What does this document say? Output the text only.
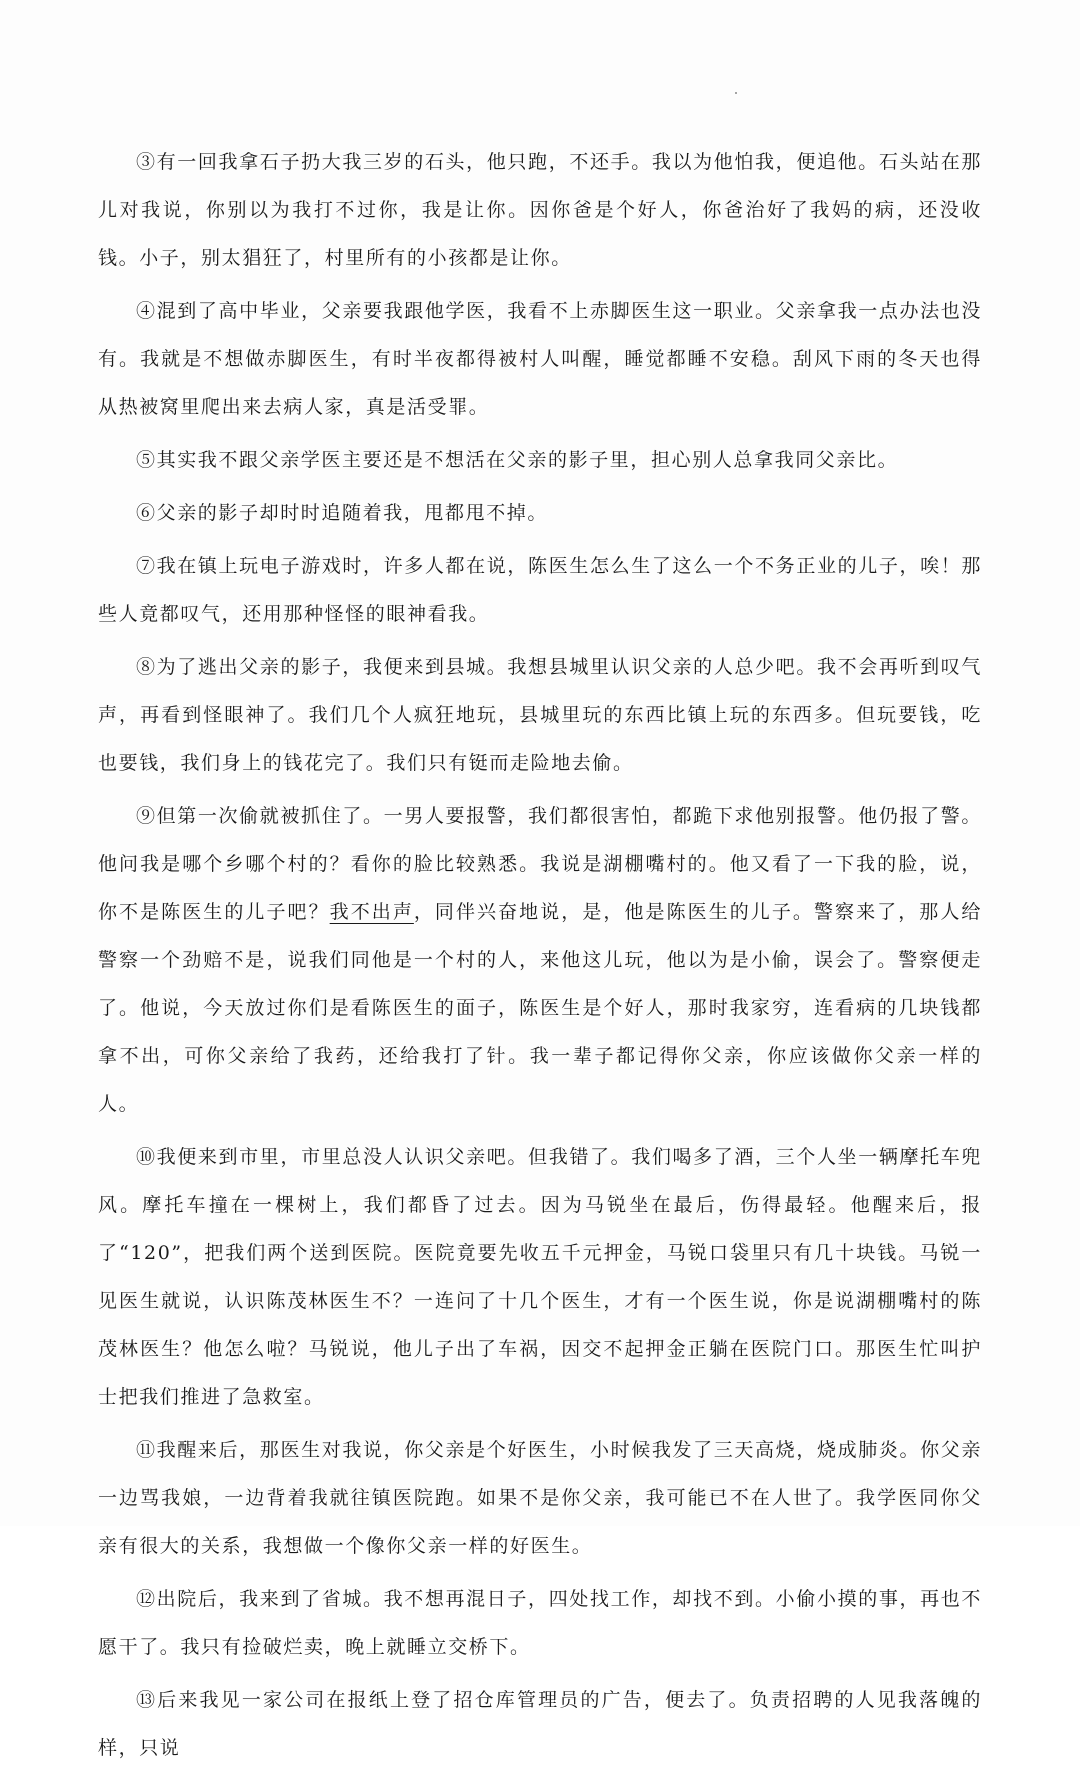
③有一回我拿石子扔大我三岁的石头，他只跑，不还手。我以为他怕我，便追他。石头站在那儿对我说，你别以为我打不过你，我是让你。因你爸是个好人，你爸治好了我妈的病，还没收钱。小子，别太猖狂了，村里所有的小孩都是让你。

④混到了高中毕业，父亲要我跟他学医，我看不上赤脚医生这一职业。父亲拿我一点办法也没有。我就是不想做赤脚医生，有时半夜都得被村人叫醒，睡觉都睡不安稳。刮风下雨的冬天也得从热被窝里爬出来去病人家，真是活受罪。

⑤其实我不跟父亲学医主要还是不想活在父亲的影子里，担心别人总拿我同父亲比。

⑥父亲的影子却时时追随着我，甩都甩不掉。

⑦我在镇上玩电子游戏时，许多人都在说，陈医生怎么生了这么一个不务正业的儿子，唉！那些人竟都叹气，还用那种怪怪的眼神看我。

⑧为了逃出父亲的影子，我便来到县城。我想县城里认识父亲的人总少吧。我不会再听到叹气声，再看到怪眼神了。我们几个人疯狂地玩，县城里玩的东西比镇上玩的东西多。但玩要钱，吃也要钱，我们身上的钱花完了。我们只有铤而走险地去偷。

⑨但第一次偷就被抓住了。一男人要报警，我们都很害怕，都跪下求他别报警。他仍报了警。他问我是哪个乡哪个村的？看你的脸比较熟悉。我说是湖棚嘴村的。他又看了一下我的脸，说，你不是陈医生的儿子吧？我不出声，同伴兴奋地说，是，他是陈医生的儿子。警察来了，那人给警察一个劲赔不是，说我们同他是一个村的人，来他这儿玩，他以为是小偷，误会了。警察便走了。他说，今天放过你们是看陈医生的面子，陈医生是个好人，那时我家穷，连看病的几块钱都拿不出，可你父亲给了我药，还给我打了针。我一辈子都记得你父亲，你应该做你父亲一样的人。

⑩我便来到市里，市里总没人认识父亲吧。但我错了。我们喝多了酒，三个人坐一辆摩托车兜风。摩托车撞在一棵树上，我们都昏了过去。因为马锐坐在最后，伤得最轻。他醒来后，报了“120”，把我们两个送到医院。医院竟要先收五千元押金，马锐口袋里只有几十块钱。马锐一见医生就说，认识陈茂林医生不？一连问了十几个医生，才有一个医生说，你是说湖棚嘴村的陈茂林医生？他怎么啦？马锐说，他儿子出了车祸，因交不起押金正躺在医院门口。那医生忙叫护士把我们推进了急救室。

⑪我醒来后，那医生对我说，你父亲是个好医生，小时候我发了三天高烧，烧成肺炎。你父亲一边骂我娘，一边背着我就往镇医院跑。如果不是你父亲，我可能已不在人世了。我学医同你父亲有很大的关系，我想做一个像你父亲一样的好医生。

⑫出院后，我来到了省城。我不想再混日子，四处找工作，却找不到。小偷小摸的事，再也不愿干了。我只有捡破烂卖，晚上就睡立交桥下。

⑬后来我见一家公司在报纸上登了招仓库管理员的广告，便去了。负责招聘的人见我落魄的样，只说
